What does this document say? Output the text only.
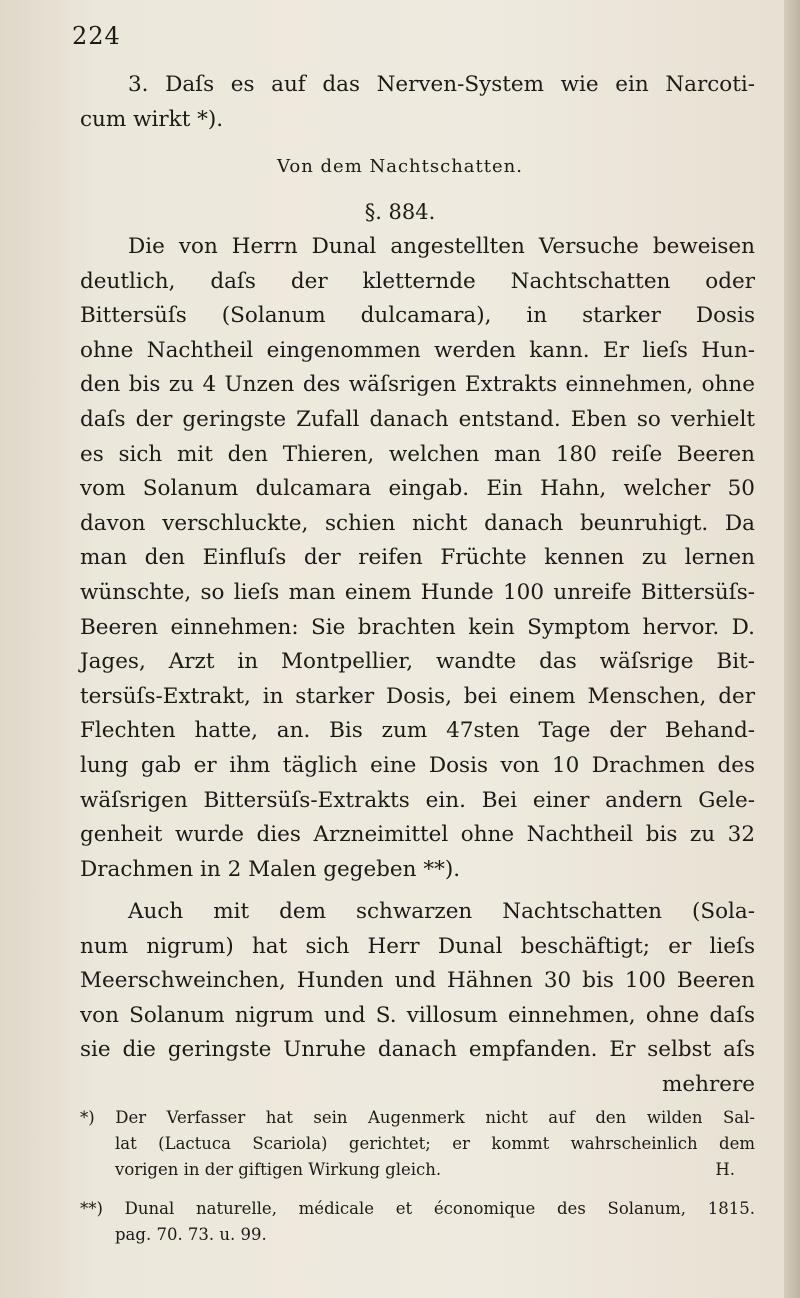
224
3. Daſs es auf das Nerven-System wie ein Narcoti-
cum wirkt *).
Von dem Nachtschatten.
§. 884.
Die von Herrn Dunal angestellten Versuche beweisen
deutlich, daſs der kletternde Nachtschatten oder
Bittersüſs (Solanum dulcamara), in starker Dosis
ohne Nachtheil eingenommen werden kann. Er lieſs Hun-
den bis zu 4 Unzen des wäſsrigen Extrakts einnehmen, ohne
daſs der geringste Zufall danach entstand. Eben so verhielt
es sich mit den Thieren, welchen man 180 reiſe Beeren
vom Solanum dulcamara eingab. Ein Hahn, welcher 50
davon verschluckte, schien nicht danach beunruhigt. Da
man den Einfluſs der reifen Früchte kennen zu lernen
wünschte, so lieſs man einem Hunde 100 unreife Bittersüſs-
Beeren einnehmen: Sie brachten kein Symptom hervor. D.
Jages, Arzt in Montpellier, wandte das wäſsrige Bit-
tersüſs-Extrakt, in starker Dosis, bei einem Menschen, der
Flechten hatte, an. Bis zum 47sten Tage der Behand-
lung gab er ihm täglich eine Dosis von 10 Drachmen des
wäſsrigen Bittersüſs-Extrakts ein. Bei einer andern Gele-
genheit wurde dies Arzneimittel ohne Nachtheil bis zu 32
Drachmen in 2 Malen gegeben **).
Auch mit dem schwarzen Nachtschatten (Sola-
num nigrum) hat sich Herr Dunal beschäftigt; er lieſs
Meerschweinchen, Hunden und Hähnen 30 bis 100 Beeren
von Solanum nigrum und S. villosum einnehmen, ohne daſs
sie die geringste Unruhe danach empfanden. Er selbst aſs
mehrere
*) Der Verfasser hat sein Augenmerk nicht auf den wilden Sal-
lat (Lactuca Scariola) gerichtet; er kommt wahrscheinlich dem
vorigen in der giftigen Wirkung gleich.	H.
**) Dunal naturelle, médicale et économique des Solanum, 1815.
pag. 70. 73. u. 99.
